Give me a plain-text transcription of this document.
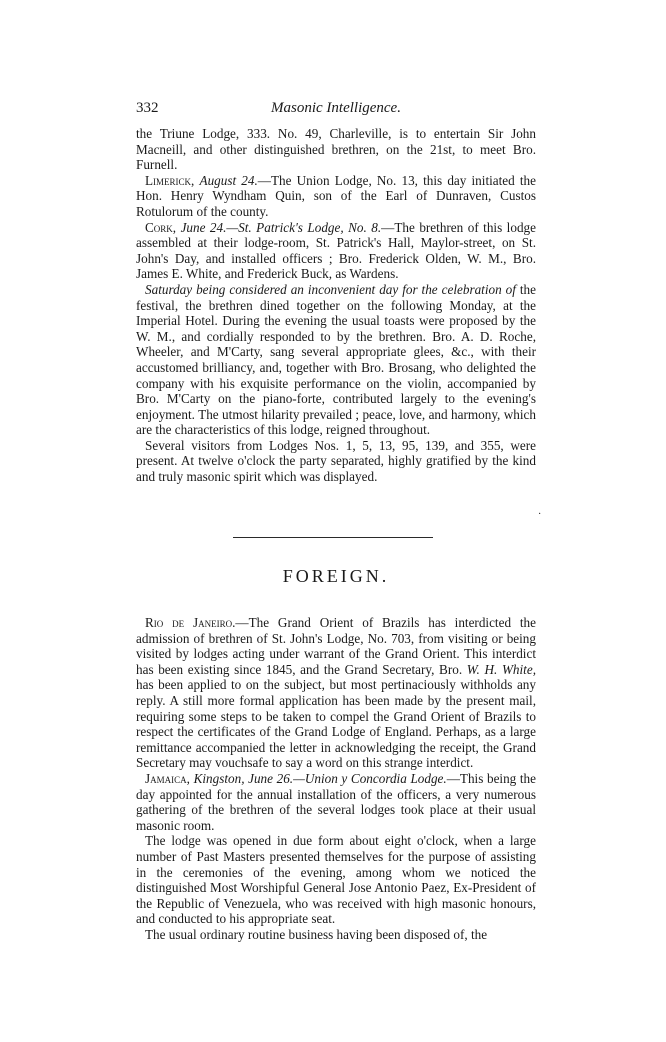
332	Masonic Intelligence.

the Triune Lodge, 333. No. 49, Charleville, is to entertain Sir John Macneill, and other distinguished brethren, on the 21st, to meet Bro. Furnell.

Limerick, August 24.—The Union Lodge, No. 13, this day initiated the Hon. Henry Wyndham Quin, son of the Earl of Dunraven, Custos Rotulorum of the county.

Cork, June 24.—St. Patrick's Lodge, No. 8.—The brethren of this lodge assembled at their lodge-room, St. Patrick's Hall, Maylor-street, on St. John's Day, and installed officers ; Bro. Frederick Olden, W. M., Bro. James E. White, and Frederick Buck, as Wardens.

Saturday being considered an inconvenient day for the celebration of the festival, the brethren dined together on the following Monday, at the Imperial Hotel. During the evening the usual toasts were proposed by the W. M., and cordially responded to by the brethren. Bro. A. D. Roche, Wheeler, and M'Carty, sang several appropriate glees, &c., with their accustomed brilliancy, and, together with Bro. Brosang, who delighted the company with his exquisite performance on the violin, accompanied by Bro. M'Carty on the piano-forte, contributed largely to the evening's enjoyment. The utmost hilarity prevailed ; peace, love, and harmony, which are the characteristics of this lodge, reigned throughout.

Several visitors from Lodges Nos. 1, 5, 13, 95, 139, and 355, were present. At twelve o'clock the party separated, highly gratified by the kind and truly masonic spirit which was displayed.

·
FOREIGN.

Rio de Janeiro.—The Grand Orient of Brazils has interdicted the admission of brethren of St. John's Lodge, No. 703, from visiting or being visited by lodges acting under warrant of the Grand Orient. This interdict has been existing since 1845, and the Grand Secretary, Bro. W. H. White, has been applied to on the subject, but most pertinaciously withholds any reply. A still more formal application has been made by the present mail, requiring some steps to be taken to compel the Grand Orient of Brazils to respect the certificates of the Grand Lodge of England. Perhaps, as a large remittance accompanied the letter in acknowledging the receipt, the Grand Secretary may vouchsafe to say a word on this strange interdict.

Jamaica, Kingston, June 26.—Union y Concordia Lodge.—This being the day appointed for the annual installation of the officers, a very numerous gathering of the brethren of the several lodges took place at their usual masonic room.

The lodge was opened in due form about eight o'clock, when a large number of Past Masters presented themselves for the purpose of assisting in the ceremonies of the evening, among whom we noticed the distinguished Most Worshipful General Jose Antonio Paez, Ex-President of the Republic of Venezuela, who was received with high masonic honours, and conducted to his appropriate seat.

The usual ordinary routine business having been disposed of, the
